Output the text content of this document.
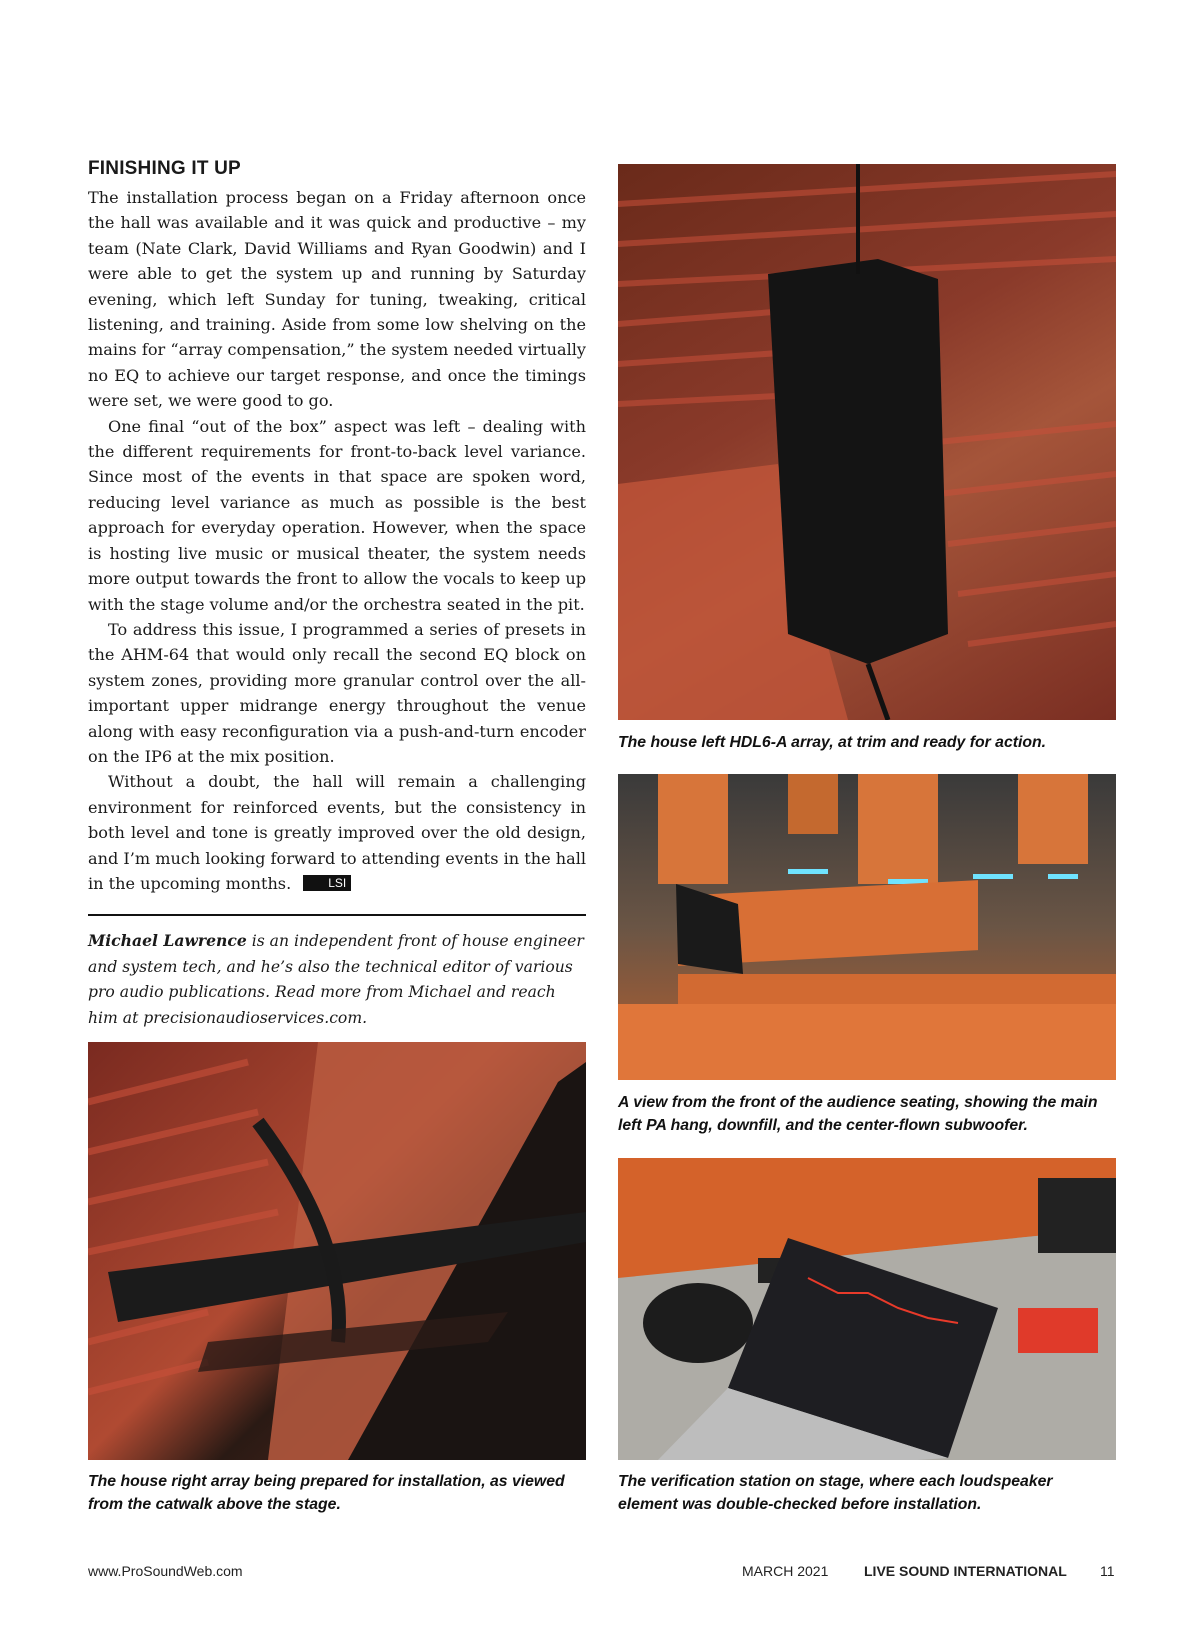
FINISHING IT UP

The installation process began on a Friday afternoon once the hall was available and it was quick and productive – my team (Nate Clark, David Williams and Ryan Goodwin) and I were able to get the system up and running by Saturday evening, which left Sunday for tuning, tweaking, critical listening, and training. Aside from some low shelving on the mains for “array compensation,” the system needed virtually no EQ to achieve our target response, and once the timings were set, we were good to go.

One final “out of the box” aspect was left – dealing with the different requirements for front-to-back level variance. Since most of the events in that space are spoken word, reducing level variance as much as possible is the best approach for everyday operation. However, when the space is hosting live music or musical theater, the system needs more output towards the front to allow the vocals to keep up with the stage volume and/or the orchestra seated in the pit.

To address this issue, I programmed a series of presets in the AHM-64 that would only recall the second EQ block on system zones, providing more granular control over the all-important upper midrange energy throughout the venue along with easy reconfiguration via a push-and-turn encoder on the IP6 at the mix position.

Without a doubt, the hall will remain a challenging environment for reinforced events, but the consistency in both level and tone is greatly improved over the old design, and I’m much looking forward to attending events in the hall in the upcoming months.	LSI

Michael Lawrence is an independent front of house engineer and system tech, and he’s also the technical editor of various pro audio publications. Read more from Michael and reach him at precisionaudioservices.com.

The house left HDL6-A array, at trim and ready for action.
A view from the front of the audience seating, showing the main left PA hang, downfill, and the center-flown subwoofer.
The verification station on stage, where each loudspeaker element was double-checked before installation.
The house right array being prepared for installation, as viewed from the catwalk above the stage.
www.ProSoundWeb.com	MARCH 2021	LIVE SOUND INTERNATIONAL 11
